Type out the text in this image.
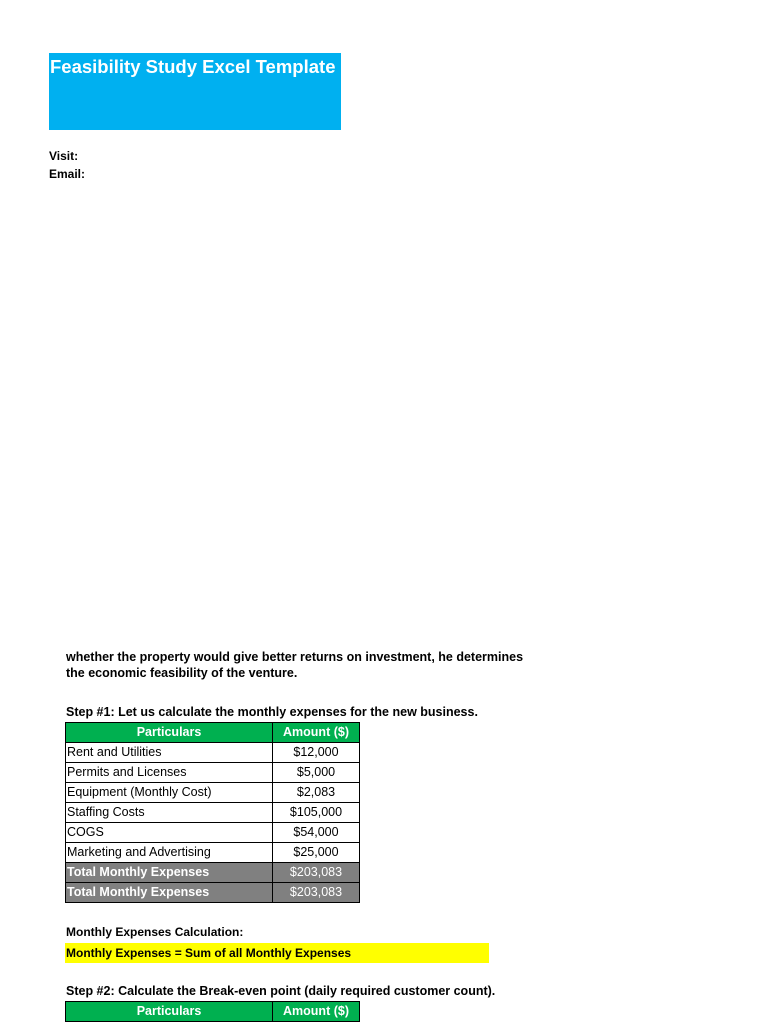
Feasibility Study Excel Template
Visit: www.educba.com
Email: info@educba.com
whether the property would give better returns on investment, he determines
the economic feasibility of the venture.
Step #1: Let us calculate the monthly expenses for the new business.
Particulars	Amount ($)
Rent and Utilities	$12,000
Permits and Licenses	$5,000
Equipment (Monthly Cost)	$2,083
Staffing Costs	$105,000
COGS	$54,000
Marketing and Advertising	$25,000
Total Monthly Expenses	$203,083
Total Monthly Expenses	$203,083
Monthly Expenses Calculation:
Monthly Expenses = Sum of all Monthly Expenses
Step #2: Calculate the Break-even point (daily required customer count).
Particulars	Amount ($)
